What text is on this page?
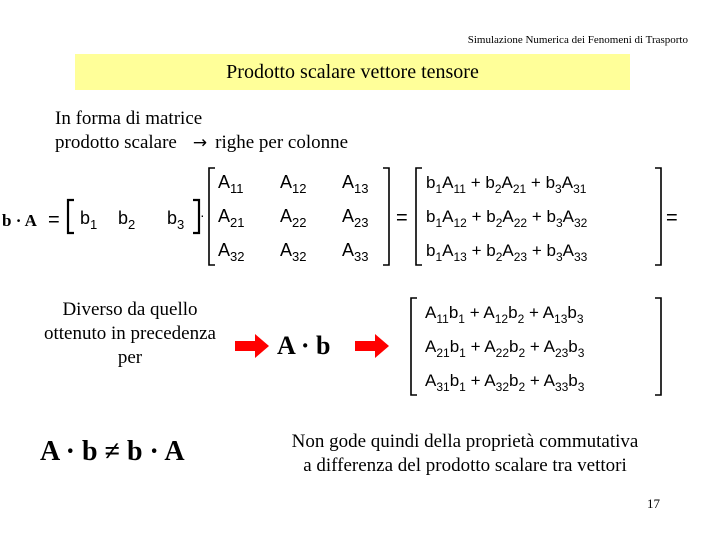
Simulazione Numerica dei Fenomeni di Trasporto
Prodotto scalare vettore tensore
In forma di matrice
prodotto scalare → righe per colonne
$b \cdot A = b_1$ $b_2$ $b_3$
·
$A_{11}$ $A_{12}$ $A_{13}$
$A_{21}$ $A_{22}$ $A_{23}$
$A_{32}$ $A_{32}$ $A_{33}$
=
$b_1A_{11} + b_2A_{21} + b_3A_{31}$
$b_1A_{12} + b_2A_{22} + b_3A_{32}$
$b_1A_{13} + b_2A_{23} + b_3A_{33}$
=
Diverso da quello ottenuto in precedenza per	A · b
$A_{11}b_1 + A_{12}b_2 + A_{13}b_3$
$A_{21}b_1 + A_{22}b_2 + A_{23}b_3$
$A_{31}b_1 + A_{32}b_2 + A_{33}b_3$
A · b ≠ b · A	Non gode quindi della proprietà commutativa
a differenza del prodotto scalare tra vettori
17
